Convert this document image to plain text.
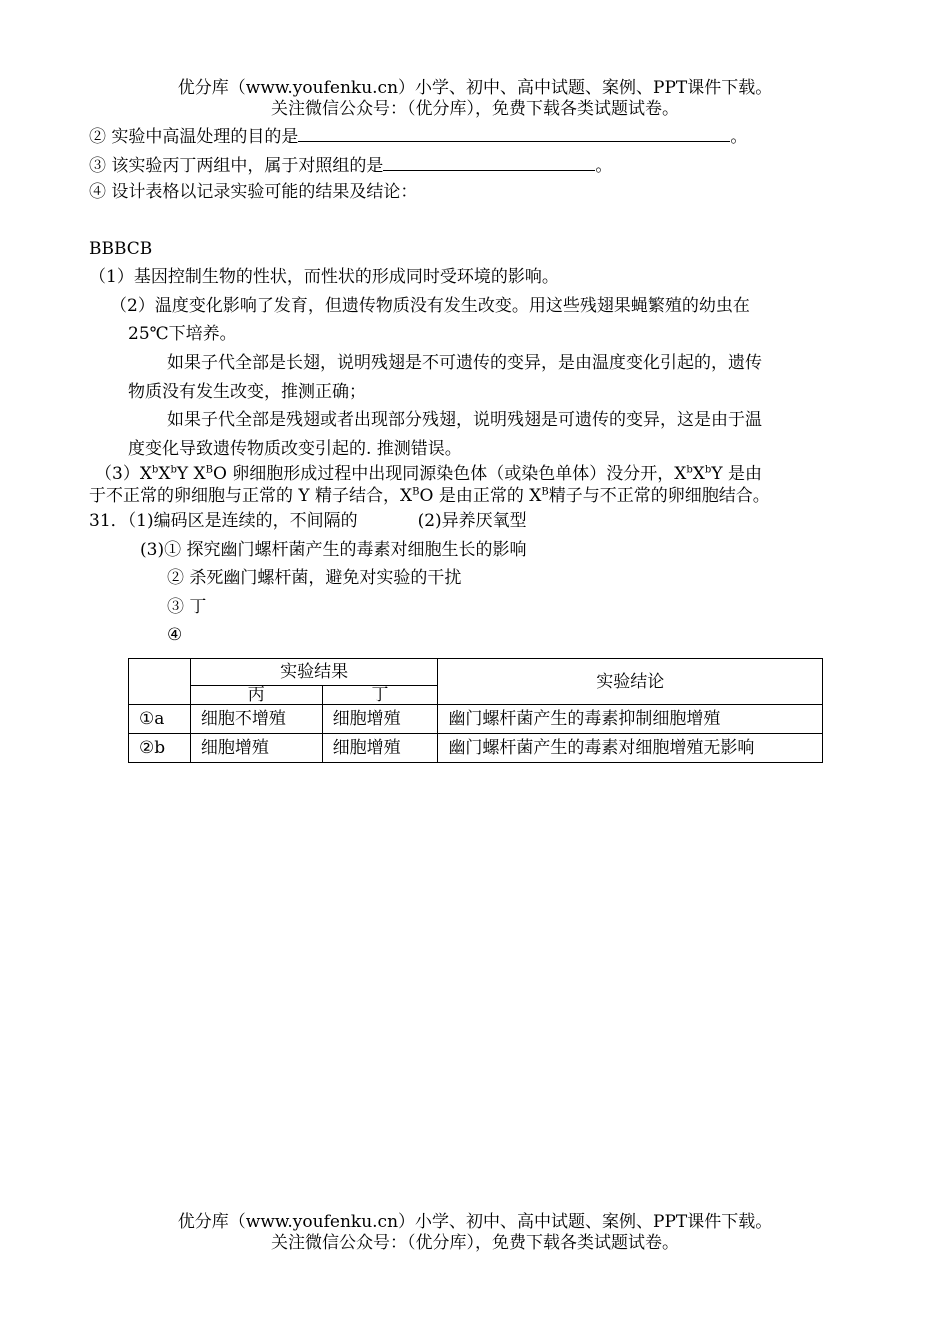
优分库（www.youfenku.cn）小学、初中、高中试题、案例、PPT课件下载。
关注微信公众号：（优分库），免费下载各类试题试卷。
② 实验中高温处理的目的是	。
③ 该实验丙丁两组中，属于对照组的是	。
④ 设计表格以记录实验可能的结果及结论：
BBBCB
（1）基因控制生物的性状，而性状的形成同时受环境的影响。
（2）温度变化影响了发育，但遗传物质没有发生改变。用这些残翅果蝇繁殖的幼虫在
25℃下培养。
如果子代全部是长翅，说明残翅是不可遗传的变异，是由温度变化引起的，遗传
物质没有发生改变，推测正确；
如果子代全部是残翅或者出现部分残翅，说明残翅是可遗传的变异，这是由于温
度变化导致遗传物质改变引起的. 推测错误。
$(3)X^bX^bY$ $X^BO$ 卵细胞形成过程中出现同源染色体（或染色单体）没分开，$X^bX^bY$ 是由
于不正常的卵细胞与正常的 Y 精子结合，$X^BO$ 是由正常的 $X^B$精子与不正常的卵细胞结合。
31．（1)编码区是连续的，不间隔的	(2)异养厌氧型
(3)① 探究幽门螺杆菌产生的毒素对细胞生长的影响
② 杀死幽门螺杆菌，避免对实验的干扰
③ 丁
④
	实验结果		实验结论
	丙	丁	
①a	细胞不增殖	细胞增殖	幽门螺杆菌产生的毒素抑制细胞增殖
②b	细胞增殖	细胞增殖	幽门螺杆菌产生的毒素对细胞增殖无影响
优分库（www.youfenku.cn）小学、初中、高中试题、案例、PPT课件下载。
关注微信公众号：（优分库），免费下载各类试题试卷。
